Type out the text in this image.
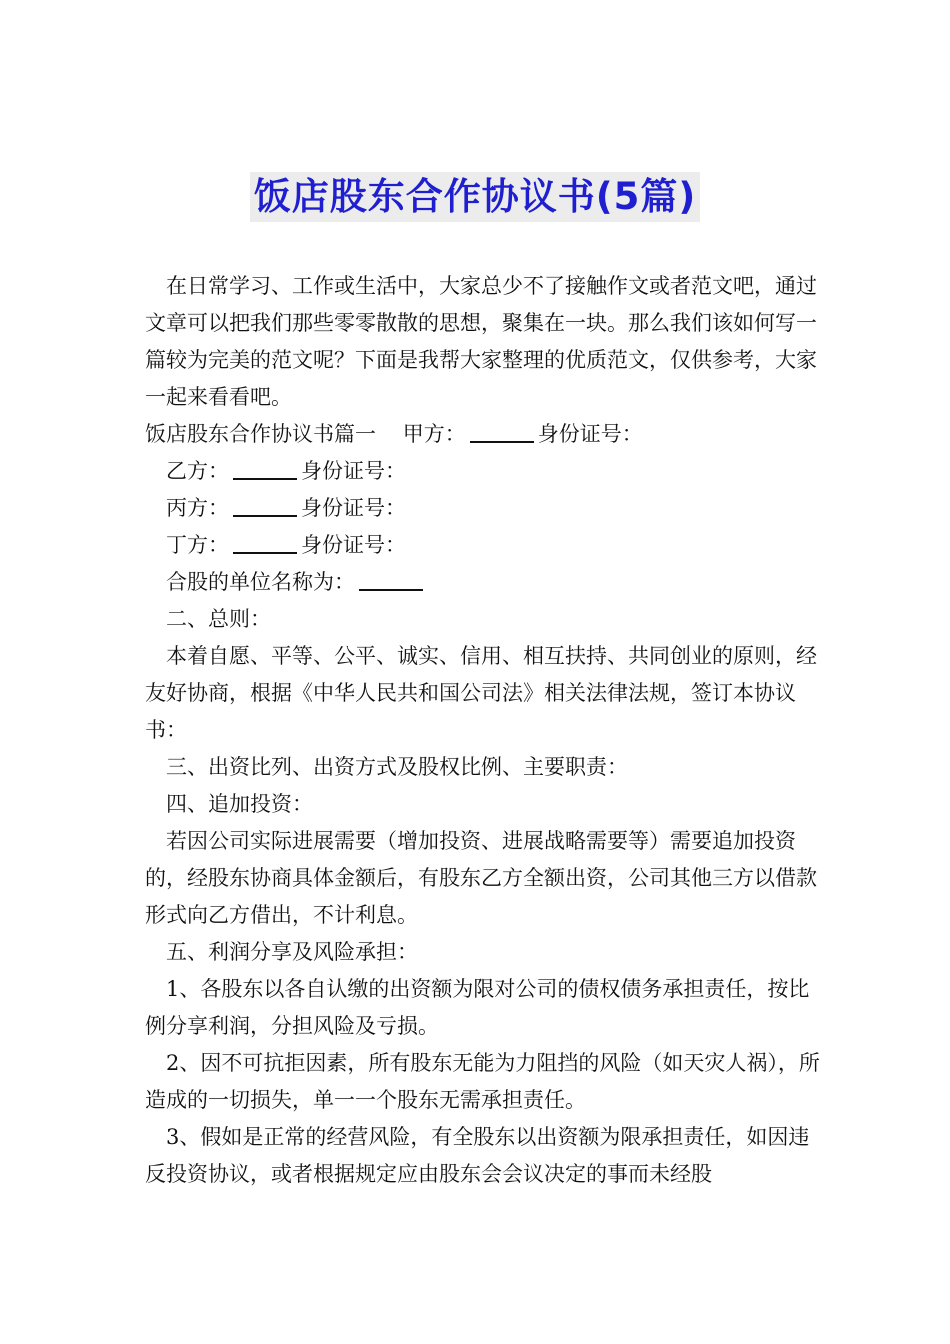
饭店股东合作协议书(5篇)

在日常学习、工作或生活中，大家总少不了接触作文或者范文吧，通过文章可以把我们那些零零散散的思想，聚集在一块。那么我们该如何写一篇较为完美的范文呢？下面是我帮大家整理的优质范文，仅供参考，大家一起来看看吧。

饭店股东合作协议书篇一 甲方：	身份证号：

乙方：	身份证号：

丙方：	身份证号：

丁方：	身份证号：

合股的单位名称为：

二、总则：

本着自愿、平等、公平、诚实、信用、相互扶持、共同创业的原则，经友好协商，根据《中华人民共和国公司法》相关法律法规，签订本协议书：

三、出资比列、出资方式及股权比例、主要职责：

四、追加投资：

若因公司实际进展需要（增加投资、进展战略需要等）需要追加投资的，经股东协商具体金额后，有股东乙方全额出资，公司其他三方以借款形式向乙方借出，不计利息。

五、利润分享及风险承担：

1、各股东以各自认缴的出资额为限对公司的债权债务承担责任，按比例分享利润，分担风险及亏损。

2、因不可抗拒因素，所有股东无能为力阻挡的风险（如天灾人祸），所造成的一切损失，单一一个股东无需承担责任。

3、假如是正常的经营风险，有全股东以出资额为限承担责任，如因违反投资协议，或者根据规定应由股东会会议决定的事而未经股
